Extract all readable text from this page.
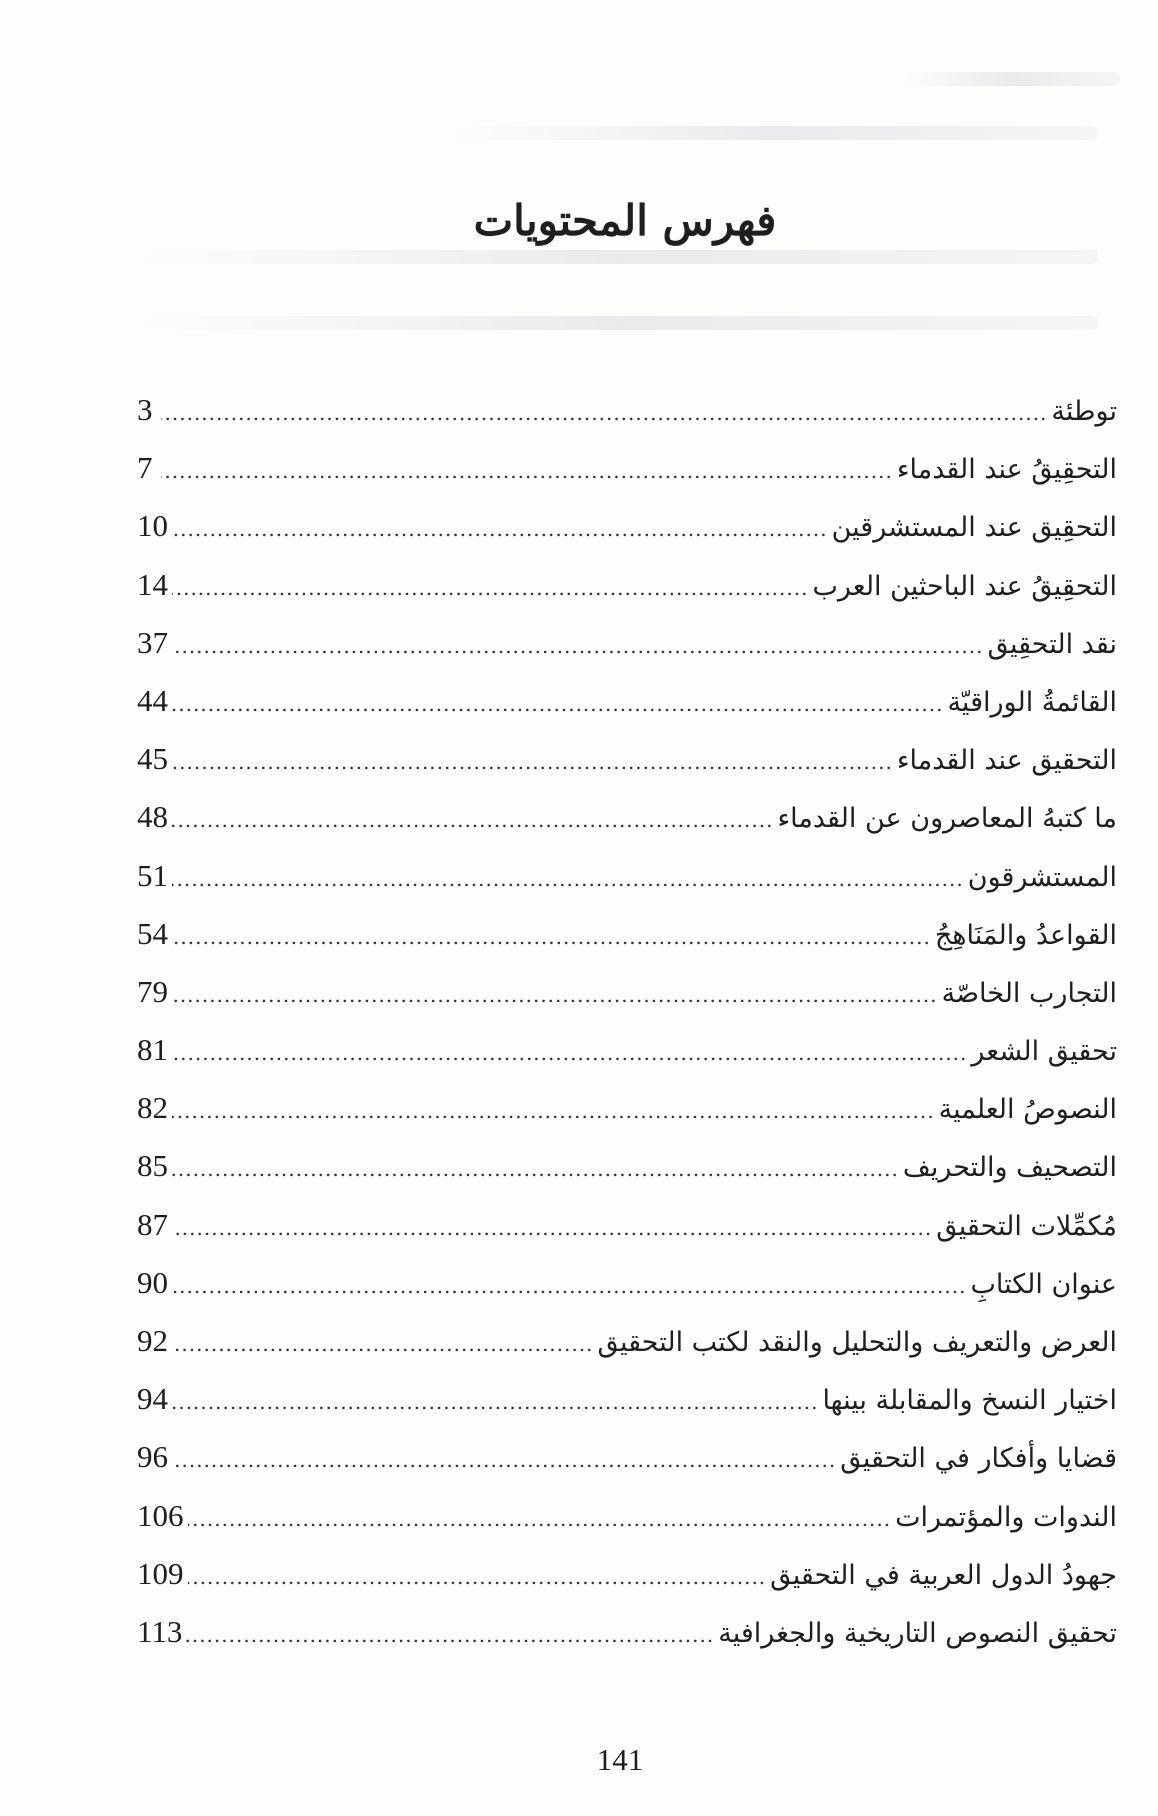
فهرس المحتويات
توطئة
.....
3
التحقِيقُ عند القدماء
.....
7
التحقِيق عند المستشرقين
.....
10
التحقِيقُ عند الباحثين العرب
.....
14
نقد التحقِيق
.....
37
القائمةُ الوراقيّة
.....
44
التحقيق عند القدماء
.....
45
ما كتبهُ المعاصرون عن القدماء
.....
48
المستشرقون
.....
51
القواعدُ والمَنَاهِجُ
.....
54
التجارب الخاصّة
.....
79
تحقيق الشعر
.....
81
النصوصُ العلمية
.....
82
التصحيف والتحريف
.....
85
مُكمِّلات التحقيق
.....
87
عنوان الكتابِ
.....
90
العرض والتعريف والتحليل والنقد لكتب التحقيق
.....
92
اختيار النسخ والمقابلة بينها
.....
94
قضايا وأفكار في التحقيق
.....
96
الندوات والمؤتمرات
.....
106
جهودُ الدول العربية في التحقيق
.....
109
تحقيق النصوص التاريخية والجغرافية
.....
113
141
